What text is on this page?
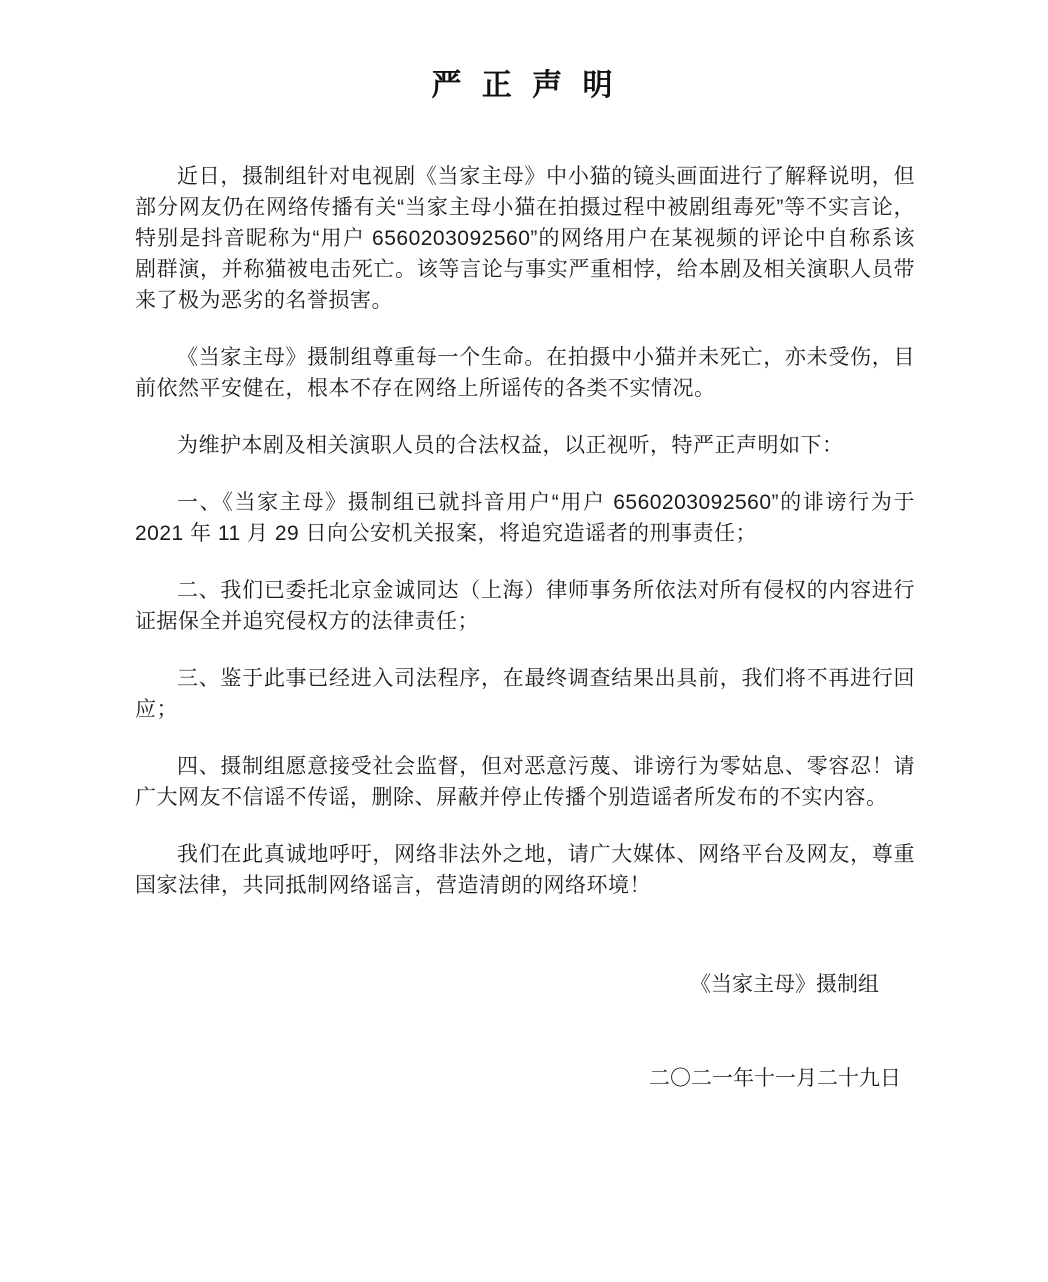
严 正 声 明

近日，摄制组针对电视剧《当家主母》中小猫的镜头画面进行了解释说明，但部分网友仍在网络传播有关“当家主母小猫在拍摄过程中被剧组毒死”等不实言论，特别是抖音昵称为“用户 6560203092560”的网络用户在某视频的评论中自称系该剧群演，并称猫被电击死亡。该等言论与事实严重相悖，给本剧及相关演职人员带来了极为恶劣的名誉损害。

《当家主母》摄制组尊重每一个生命。在拍摄中小猫并未死亡，亦未受伤，目前依然平安健在，根本不存在网络上所谣传的各类不实情况。

为维护本剧及相关演职人员的合法权益，以正视听，特严正声明如下：

一、《当家主母》摄制组已就抖音用户“用户 6560203092560”的诽谤行为于 2021 年 11 月 29 日向公安机关报案，将追究造谣者的刑事责任；

二、我们已委托北京金诚同达（上海）律师事务所依法对所有侵权的内容进行证据保全并追究侵权方的法律责任；

三、鉴于此事已经进入司法程序，在最终调查结果出具前，我们将不再进行回应；

四、摄制组愿意接受社会监督，但对恶意污蔑、诽谤行为零姑息、零容忍！请广大网友不信谣不传谣，删除、屏蔽并停止传播个别造谣者所发布的不实内容。

我们在此真诚地呼吁，网络非法外之地，请广大媒体、网络平台及网友，尊重国家法律，共同抵制网络谣言，营造清朗的网络环境！

《当家主母》摄制组
二〇二一年十一月二十九日
